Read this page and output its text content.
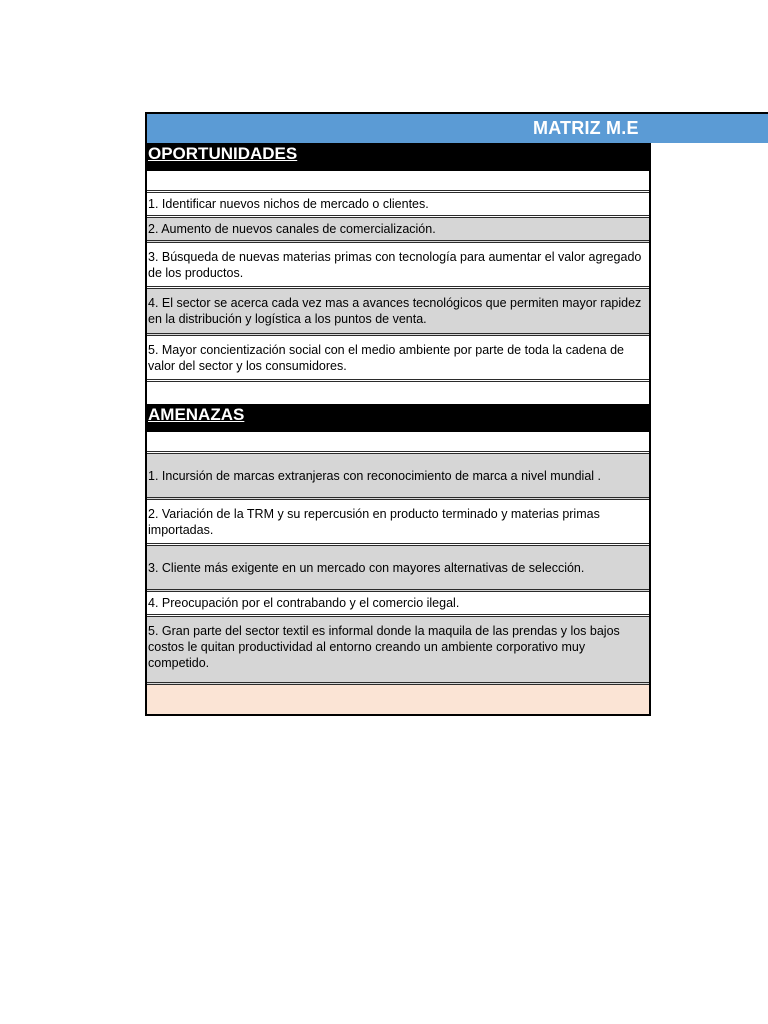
MATRIZ M.E
OPORTUNIDADES
1. Identificar nuevos nichos de mercado o clientes.
2. Aumento de nuevos canales de comercialización.
3. Búsqueda de nuevas materias primas con tecnología para aumentar el valor agregado de los productos.
4. El sector se acerca cada vez mas a avances tecnológicos que permiten mayor rapidez en la distribución y logística a los puntos de venta.
5. Mayor concientización social con el medio ambiente por parte de toda la cadena de valor del sector y los consumidores.
AMENAZAS
1. Incursión de marcas extranjeras con reconocimiento de marca a nivel mundial .
2. Variación de la TRM y su repercusión en producto terminado y materias primas importadas.
3. Cliente más exigente en un mercado con mayores alternativas de selección.
4. Preocupación por el contrabando y el comercio ilegal.
5. Gran parte del sector textil es informal donde la maquila de las prendas y los bajos costos le quitan productividad al entorno creando un ambiente corporativo muy competido.
